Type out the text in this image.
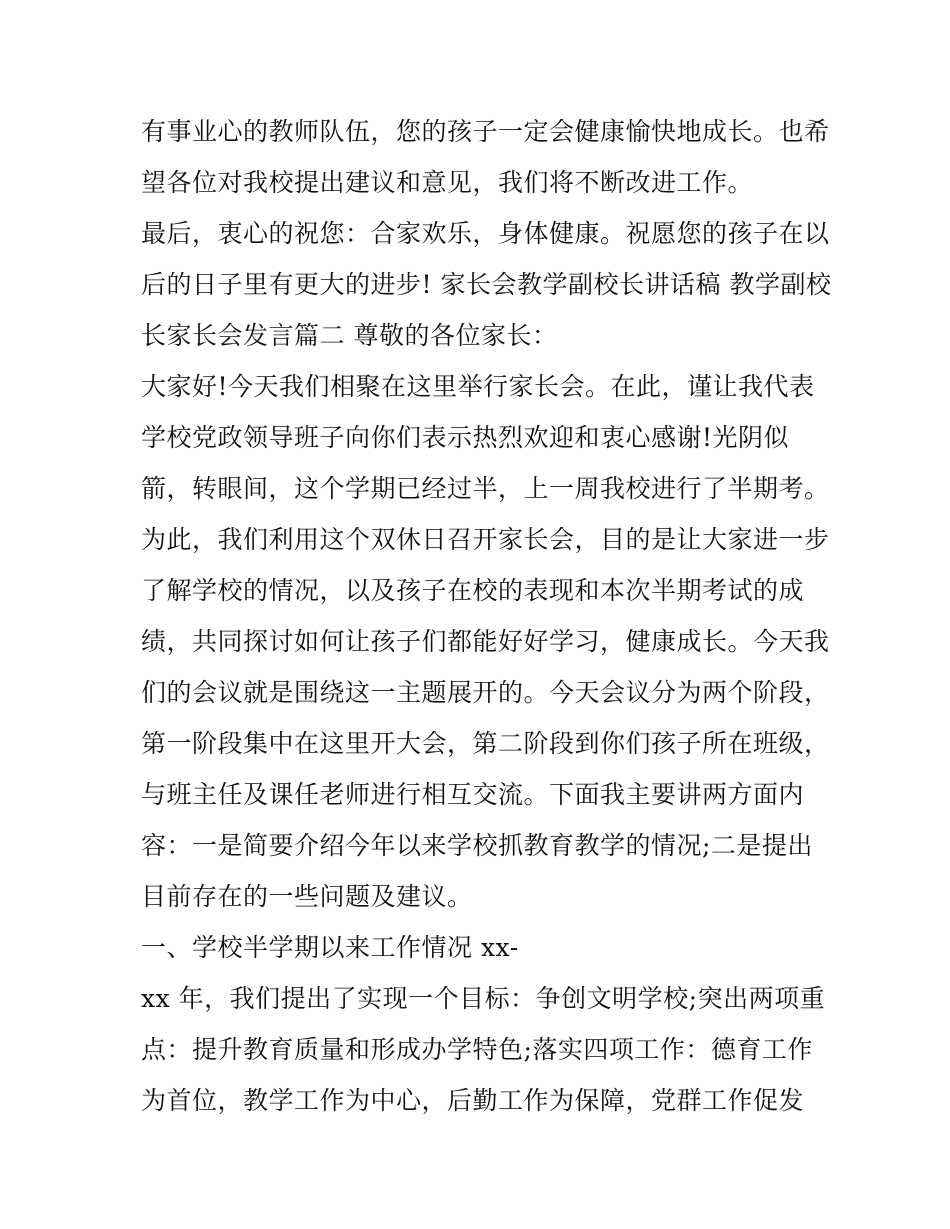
有事业心的教师队伍，您的孩子一定会健康愉快地成长。也希
望各位对我校提出建议和意见，我们将不断改进工作。
最后，衷心的祝您：合家欢乐，身体健康。祝愿您的孩子在以
后的日子里有更大的进步! 家长会教学副校长讲话稿 教学副校
长家长会发言篇二 尊敬的各位家长：
大家好!今天我们相聚在这里举行家长会。在此，谨让我代表
学校党政领导班子向你们表示热烈欢迎和衷心感谢!光阴似
箭，转眼间，这个学期已经过半，上一周我校进行了半期考。
为此，我们利用这个双休日召开家长会，目的是让大家进一步
了解学校的情况，以及孩子在校的表现和本次半期考试的成
绩，共同探讨如何让孩子们都能好好学习，健康成长。今天我
们的会议就是围绕这一主题展开的。今天会议分为两个阶段，
第一阶段集中在这里开大会，第二阶段到你们孩子所在班级，
与班主任及课任老师进行相互交流。下面我主要讲两方面内
容：一是简要介绍今年以来学校抓教育教学的情况;二是提出
目前存在的一些问题及建议。
一、学校半学期以来工作情况 xx-
xx 年，我们提出了实现一个目标：争创文明学校;突出两项重
点：提升教育质量和形成办学特色;落实四项工作：德育工作
为首位，教学工作为中心，后勤工作为保障，党群工作促发
